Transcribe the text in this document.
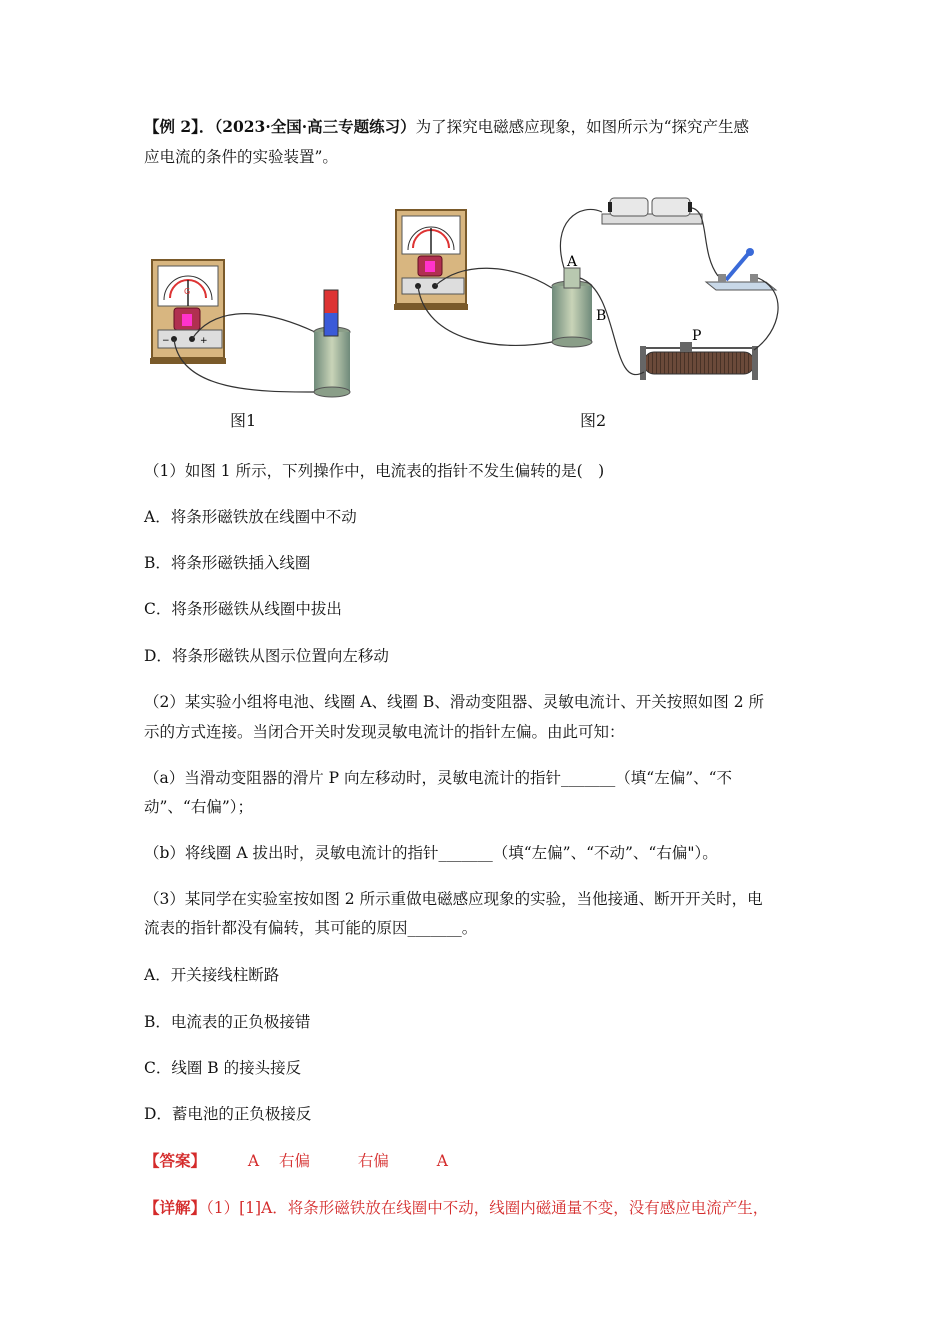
【例 2】．（2023·全国·高三专题练习）为了探究电磁感应现象，如图所示为“探究产生感
应电流的条件的实验装置”。
G
−	+
A
B
P
图1	图2
（1）如图 1 所示，下列操作中，电流表的指针不发生偏转的是(　)
A．将条形磁铁放在线圈中不动
B．将条形磁铁插入线圈
C．将条形磁铁从线圈中拔出
D．将条形磁铁从图示位置向左移动
（2）某实验小组将电池、线圈 A、线圈 B、滑动变阻器、灵敏电流计、开关按照如图 2 所
示的方式连接。当闭合开关时发现灵敏电流计的指针左偏。由此可知：
（a）当滑动变阻器的滑片 P 向左移动时，灵敏电流计的指针_______（填“左偏”、“不
动”、“右偏”）；
（b）将线圈 A 拔出时，灵敏电流计的指针_______（填“左偏”、“不动”、“右偏"）。
（3）某同学在实验室按如图 2 所示重做电磁感应现象的实验，当他接通、断开开关时，电
流表的指针都没有偏转，其可能的原因_______。
A．开关接线柱断路
B．电流表的正负极接错
C．线圈 B 的接头接反
D．蓄电池的正负极接反
【答案】	A 右偏	右偏	A
【详解】（1）[1]A．将条形磁铁放在线圈中不动，线圈内磁通量不变，没有感应电流产生，
